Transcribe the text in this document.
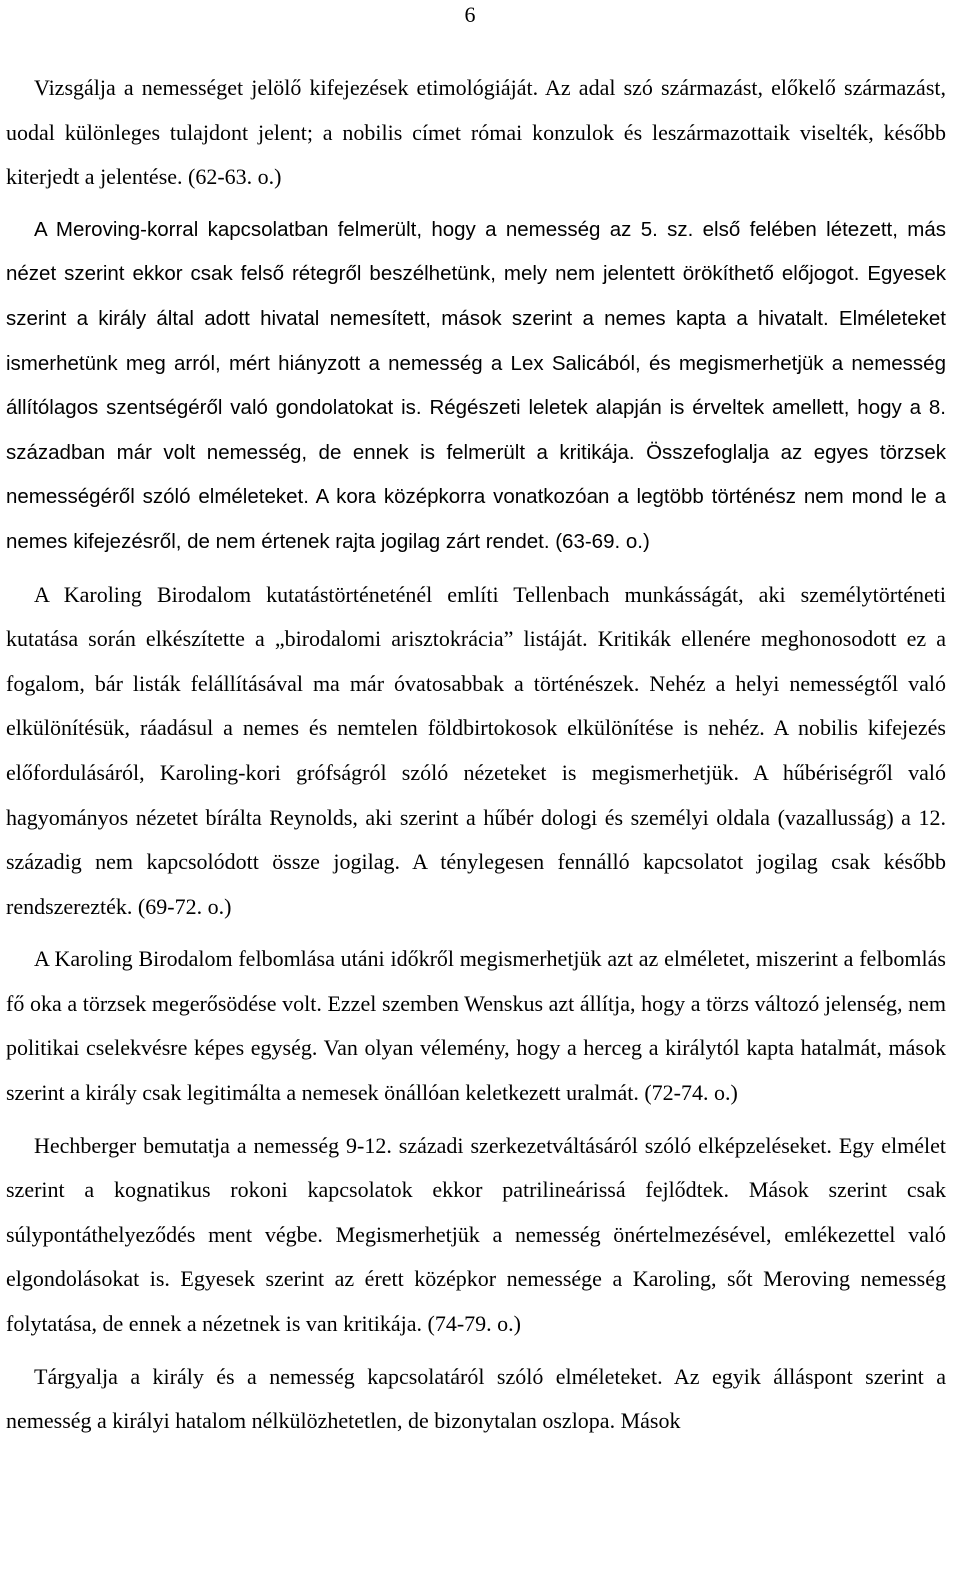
6

Vizsgálja a nemességet jelölő kifejezések etimológiáját. Az adal szó származást, előkelő származást, uodal különleges tulajdont jelent; a nobilis címet római konzulok és leszármazottaik viselték, később kiterjedt a jelentése. (62-63. o.)

A Meroving-korral kapcsolatban felmerült, hogy a nemesség az 5. sz. első felében létezett, más nézet szerint ekkor csak felső rétegről beszélhetünk, mely nem jelentett örökíthető előjogot. Egyesek szerint a király által adott hivatal nemesített, mások szerint a nemes kapta a hivatalt. Elméleteket ismerhetünk meg arról, mért hiányzott a nemesség a Lex Salicából, és megismerhetjük a nemesség állítólagos szentségéről való gondolatokat is. Régészeti leletek alapján is érveltek amellett, hogy a 8. században már volt nemesség, de ennek is felmerült a kritikája. Összefoglalja az egyes törzsek nemességéről szóló elméleteket. A kora középkorra vonatkozóan a legtöbb történész nem mond le a nemes kifejezésről, de nem értenek rajta jogilag zárt rendet. (63-69. o.)

A Karoling Birodalom kutatástörténeténél említi Tellenbach munkásságát, aki személytörténeti kutatása során elkészítette a „birodalomi arisztokrácia” listáját. Kritikák ellenére meghonosodott ez a fogalom, bár listák felállításával ma már óvatosabbak a történészek. Nehéz a helyi nemességtől való elkülönítésük, ráadásul a nemes és nemtelen földbirtokosok elkülönítése is nehéz. A nobilis kifejezés előfordulásáról, Karoling-kori grófságról szóló nézeteket is megismerhetjük. A hűbériségről való hagyományos nézetet bírálta Reynolds, aki szerint a hűbér dologi és személyi oldala (vazallusság) a 12. századig nem kapcsolódott össze jogilag. A ténylegesen fennálló kapcsolatot jogilag csak később rendszerezték. (69-72. o.)

A Karoling Birodalom felbomlása utáni időkről megismerhetjük azt az elméletet, miszerint a felbomlás fő oka a törzsek megerősödése volt. Ezzel szemben Wenskus azt állítja, hogy a törzs változó jelenség, nem politikai cselekvésre képes egység. Van olyan vélemény, hogy a herceg a királytól kapta hatalmát, mások szerint a király csak legitimálta a nemesek önállóan keletkezett uralmát. (72-74. o.)

Hechberger bemutatja a nemesség 9-12. századi szerkezetváltásáról szóló elképzeléseket. Egy elmélet szerint a kognatikus rokoni kapcsolatok ekkor patrilineárissá fejlődtek. Mások szerint csak súlypontáthelyeződés ment végbe. Megismerhetjük a nemesség önértelmezésével, emlékezettel való elgondolásokat is. Egyesek szerint az érett középkor nemessége a Karoling, sőt Meroving nemesség folytatása, de ennek a nézetnek is van kritikája. (74-79. o.)

Tárgyalja a király és a nemesség kapcsolatáról szóló elméleteket. Az egyik álláspont szerint a nemesség a királyi hatalom nélkülözhetetlen, de bizonytalan oszlopa. Mások
